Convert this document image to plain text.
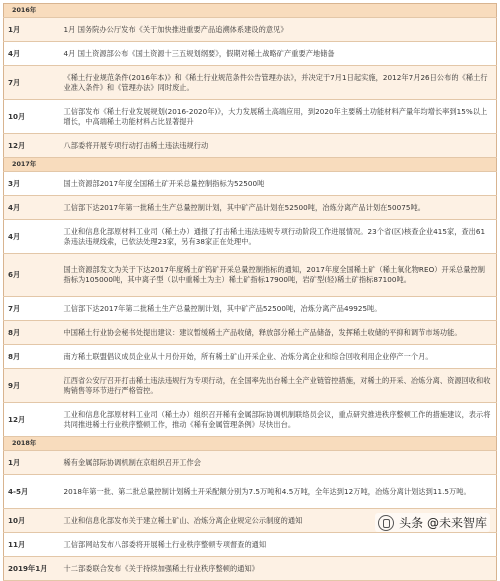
2016年	
1月	1月 国务院办公厅发布《关于加快推进重要产品追溯体系建设的意见》
4月	4月 国土资源部公布《国土资源十三五规划纲要》，假期对稀土战略矿产重要产地储备
7月	《稀土行业规范条件(2016年本)》和《稀土行业规范条件公告管理办法》，并决定于7月1日起实施，2012年7月26日公布的《稀土行业准入条件》和《管理办法》同时废止。
10月	工信部发布《稀土行业发展规划(2016-2020年)》，大力发展稀土高端应用，到2020年主要稀土功能材料产量年均增长率到15%以上增长，中高端稀土功能材料占比显著提升
12月	八部委将开展专项行动打击稀土违法违规行动
2017年	
3月	国土资源部2017年度全国稀土矿开采总量控制指标为52500吨
4月	工信部下达2017年第一批稀土生产总量控制计划，其中矿产品计划在52500吨，冶炼分离产品计划在50075吨。
4月	工业和信息化部原材料工业司（稀土办）通报了打击稀土违法违规专项行动阶段工作进展情况。23个省(区)核查企业415家，查出61条违法违规线索，已依法处理23家，另有38家正在处理中。
6月	国土资源部发文为关于下达2017年度稀土矿钨矿开采总量控制指标的通知，2017年度全国稀土矿（稀土氧化物REO）开采总量控制指标为105000吨，其中离子型（以中重稀土为主）稀土矿指标17900吨，岩矿型(轻)稀土矿指标87100吨。
7月	工信部下达2017年第二批稀土生产总量控制计划，其中矿产品52500吨，冶炼分离产品49925吨。
8月	中国稀土行业协会秘书处提出建议：建议暂缓稀土产品收储，释放部分稀土产品储备，发挥稀土收储的平抑和调节市场功能。
8月	南方稀土联盟倡议成员企业从十月份开始，所有稀土矿山开采企业、冶炼分离企业和综合回收利用企业停产一个月。
9月	江西省公安厅召开打击稀土违法违规行为专项行动，在全国率先出台稀土全产业链管控措施，对稀土的开采、冶炼分离、资源回收和收购销售等环节进行严格管控。
12月	工业和信息化部原材料工业司（稀土办）组织召开稀有金属部际协调机制联络员会议，重点研究推进秩序整顿工作的措施建议，表示将共同推进稀土行业秩序整顿工作，推动《稀有金属管理条例》尽快出台。
2018年	
1月	稀有金属部际协调机制在京组织召开工作会
4-5月	2018年第一批、第二批总量控制计划稀土开采配额分别为7.5万吨和4.5万吨，全年达到12万吨，冶炼分离计划达到11.5万吨。
10月	工业和信息化部发布关于建立稀土矿山、冶炼分离企业规定公示制度的通知
11月	工信部网站发布八部委将开展稀土行业秩序整顿专项督查的通知
2019年1月	十二部委联合发布《关于持续加强稀土行业秩序整顿的通知》
头条 @未来智库
